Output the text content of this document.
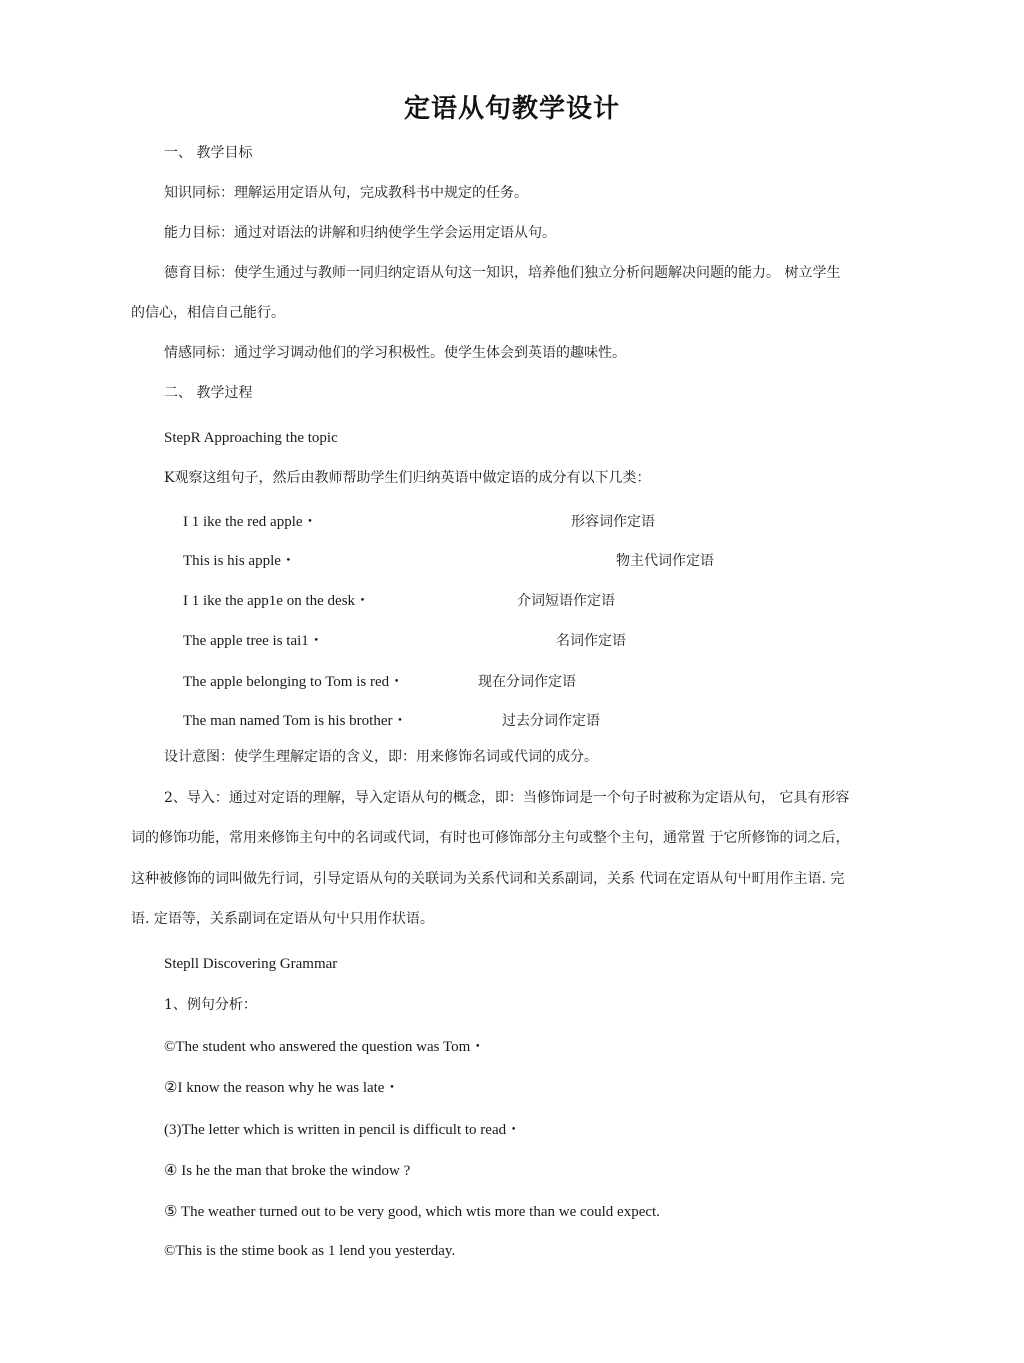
定语从句教学设计
一、 教学目标
知识同标：理解运用定语从句，完成教科书中规定的任务。
能力目标：通过对语法的讲解和归纳使学生学会运用定语从句。
德育目标：使学生通过与教师一同归纳定语从句这一知识，培养他们独立分析问题解决问题的能力。 树立学生
的信心，相信自己能行。
情感同标：通过学习调动他们的学习积极性。使学生体会到英语的趣味性。
二、 教学过程
StepR Approaching the topic
K观察这组句子，然后由教师帮助学生们归纳英语中做定语的成分有以下几类：
I 1 ike the red apple・	形容词作定语
This is his apple・	物主代词作定语
I 1 ike the app1e on the desk・	介词短语作定语
The apple tree is tai1・	名词作定语
The apple belonging to Tom is red・	现在分词作定语
The man named Tom is his brother・	过去分词作定语
设计意图：使学生理解定语的含义，即：用来修饰名词或代词的成分。
2、导入：通过对定语的理解，导入定语从句的概念，即：当修饰词是一个句子时被称为定语从句， 它具有形容
词的修饰功能，常用来修饰主句中的名词或代词，有时也可修饰部分主句或整个主句，通常置 于它所修饰的词之后，
这种被修饰的词叫做先行词，引导定语从句的关联词为关系代词和关系副词，关系 代词在定语从句屮町用作主语. 完
语. 定语等，关系副词在定语从句屮只用作状语。
Stepll Discovering Grammar
1、例句分析：
©The student who answered the question was Tom・
②I know the reason why he was late・
(3)The letter which is written in pencil is difficult to read・
④ Is he the man that broke the window ?
⑤ The weather turned out to be very good, which wtis more than we could expect.
©This is the stime book as 1 lend you yesterday.
